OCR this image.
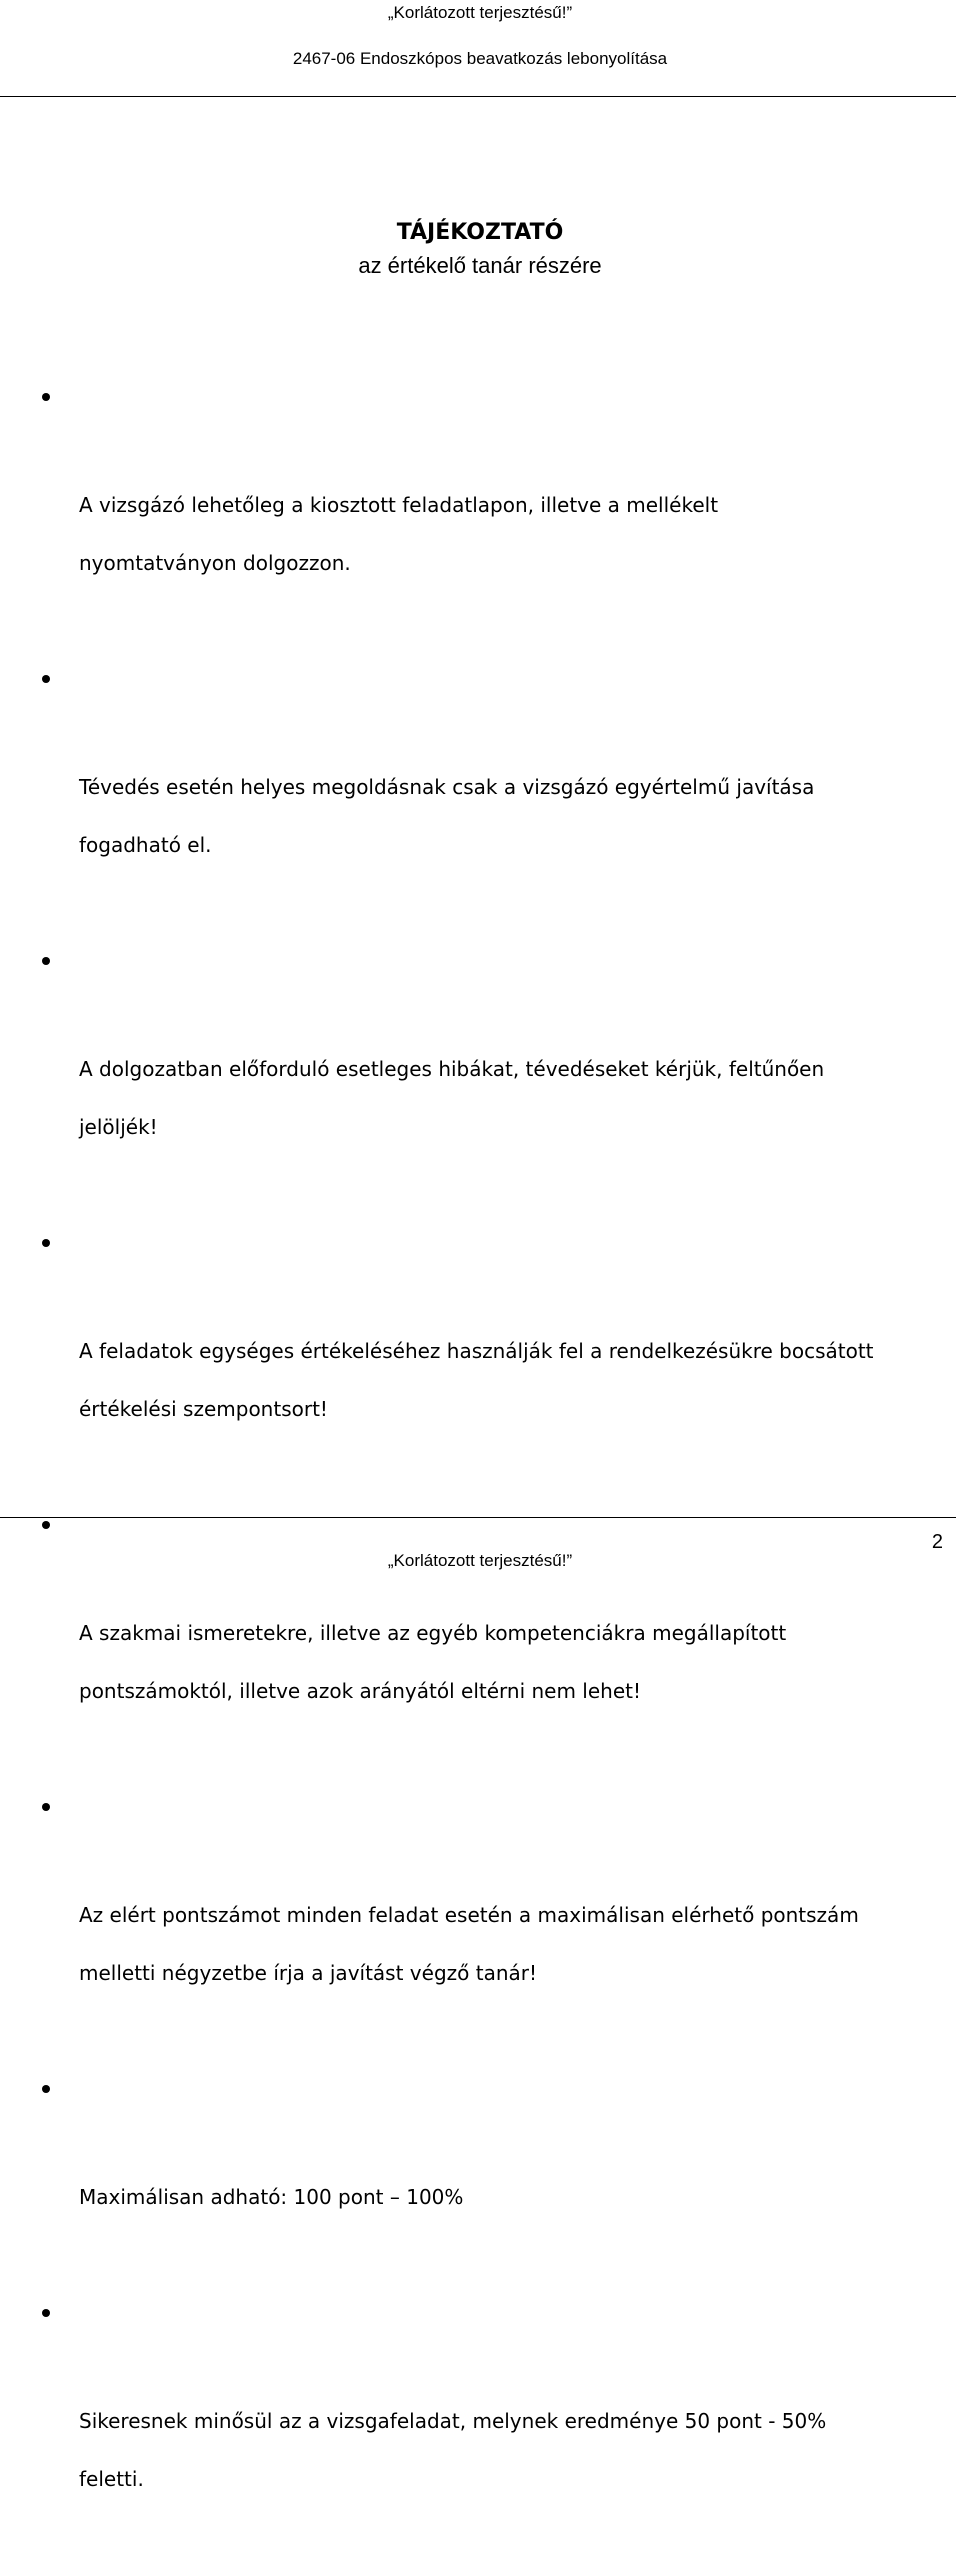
„Korlátozott terjesztésű!”
2467-06 Endoszkópos beavatkozás lebonyolítása
TÁJÉKOZTATÓ
az értékelő tanár részére

A vizsgázó lehetőleg a kiosztott feladatlapon, illetve a mellékelt
nyomtatványon dolgozzon.

Tévedés esetén helyes megoldásnak csak a vizsgázó egyértelmű javítása
fogadható el.

A dolgozatban előforduló esetleges hibákat, tévedéseket kérjük, feltűnően
jelöljék!

A feladatok egységes értékeléséhez használják fel a rendelkezésükre bocsátott
értékelési szempontsort!

A szakmai ismeretekre, illetve az egyéb kompetenciákra megállapított
pontszámoktól, illetve azok arányától eltérni nem lehet!

Az elért pontszámot minden feladat esetén a maximálisan elérhető pontszám
melletti négyzetbe írja a javítást végző tanár!

Maximálisan adható: 100 pont – 100%

Sikeresnek minősül az a vizsgafeladat, melynek eredménye 50 pont - 50%
feletti.

„Korlátozott terjesztésű!”
2
